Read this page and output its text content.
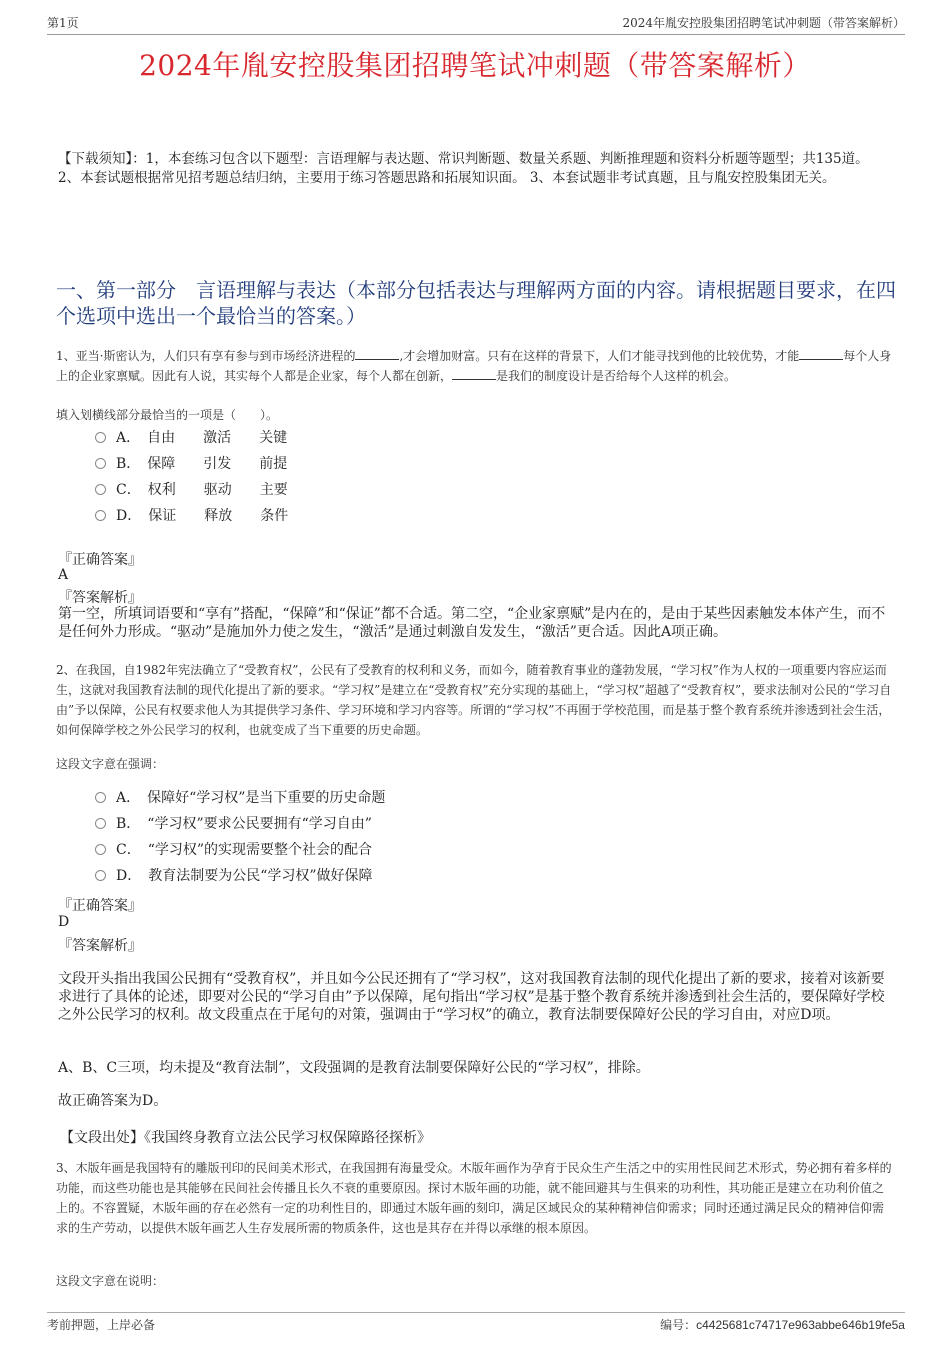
第1页	2024年胤安控股集团招聘笔试冲刺题（带答案解析）
2024年胤安控股集团招聘笔试冲刺题（带答案解析）
【下载须知】：1，本套练习包含以下题型：言语理解与表达题、常识判断题、数量关系题、判断推理题和资料分析题等题型；共135道。 2、本套试题根据常见招考题总结归纳，主要用于练习答题思路和拓展知识面。 3、本套试题非考试真题，且与胤安控股集团无关。
一、第一部分　言语理解与表达（本部分包括表达与理解两方面的内容。请根据题目要求，在四个选项中选出一个最恰当的答案。）
1、亚当·斯密认为，人们只有享有参与到市场经济进程的	,才会增加财富。只有在这样的背景下，人们才能寻找到他的比较优势，才能	每个人身上的企业家禀赋。因此有人说，其实每个人都是企业家，每个人都在创新，	是我们的制度设计是否给每个人这样的机会。
填入划横线部分最恰当的一项是（　　）。
A．　自由　　激活　　关键
B．　保障　　引发　　前提
C．　权利　　驱动　　主要
D．　保证　　释放　　条件
『正确答案』
A
『答案解析』
第一空，所填词语要和“享有”搭配，“保障”和“保证”都不合适。第二空，“企业家禀赋”是内在的，是由于某些因素触发本体产生，而不是任何外力形成。“驱动”是施加外力使之发生，“激活”是通过刺激自发发生，“激活”更合适。因此A项正确。
2、在我国，自1982年宪法确立了“受教育权”，公民有了受教育的权利和义务，而如今，随着教育事业的蓬勃发展，“学习权”作为人权的一项重要内容应运而生，这就对我国教育法制的现代化提出了新的要求。“学习权”是建立在“受教育权”充分实现的基础上，“学习权”超越了“受教育权”，要求法制对公民的“学习自由”予以保障，公民有权要求他人为其提供学习条件、学习环境和学习内容等。所谓的“学习权”不再囿于学校范围，而是基于整个教育系统并渗透到社会生活，如何保障学校之外公民学习的权利，也就变成了当下重要的历史命题。
这段文字意在强调：
A．　保障好“学习权”是当下重要的历史命题
B．　“学习权”要求公民要拥有“学习自由”
C．　“学习权”的实现需要整个社会的配合
D．　教育法制要为公民“学习权”做好保障
『正确答案』
D
『答案解析』
文段开头指出我国公民拥有“受教育权”，并且如今公民还拥有了“学习权”，这对我国教育法制的现代化提出了新的要求，接着对该新要求进行了具体的论述，即要对公民的“学习自由”予以保障，尾句指出“学习权”是基于整个教育系统并渗透到社会生活的，要保障好学校之外公民学习的权利。故文段重点在于尾句的对策，强调由于“学习权”的确立，教育法制要保障好公民的学习自由，对应D项。
A、B、C三项，均未提及“教育法制”，文段强调的是教育法制要保障好公民的“学习权”，排除。
故正确答案为D。
【文段出处】《我国终身教育立法公民学习权保障路径探析》
3、木版年画是我国特有的雕版刊印的民间美术形式，在我国拥有海量受众。木版年画作为孕育于民众生产生活之中的实用性民间艺术形式，势必拥有着多样的功能，而这些功能也是其能够在民间社会传播且长久不衰的重要原因。探讨木版年画的功能，就不能回避其与生俱来的功利性，其功能正是建立在功利价值之上的。不容置疑，木版年画的存在必然有一定的功利性目的，即通过木版年画的刻印，满足区域民众的某种精神信仰需求；同时还通过满足民众的精神信仰需求的生产劳动，以提供木版年画艺人生存发展所需的物质条件，这也是其存在并得以承继的根本原因。
这段文字意在说明：
考前押题，上岸必备	编号：c4425681c74717e963abbe646b19fe5a
